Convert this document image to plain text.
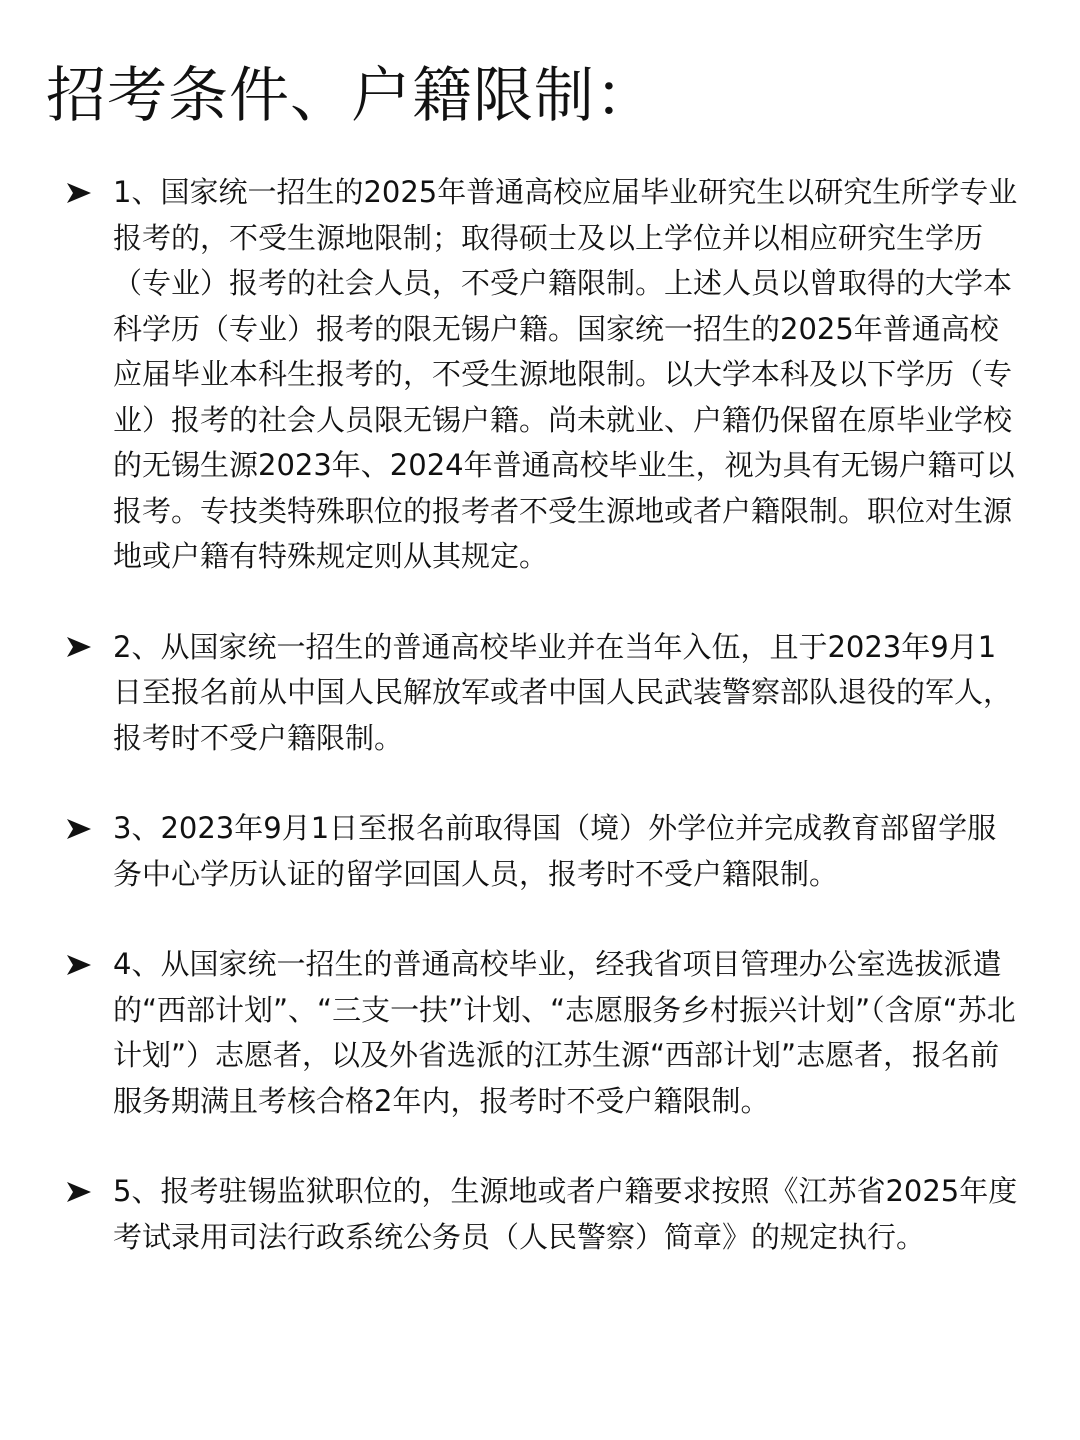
招考条件、户籍限制：
1、国家统一招生的2025年普通高校应届毕业研究生以研究生所学专业报考的，不受生源地限制；取得硕士及以上学位并以相应研究生学历（专业）报考的社会人员，不受户籍限制。上述人员以曾取得的大学本科学历（专业）报考的限无锡户籍。国家统一招生的2025年普通高校应届毕业本科生报考的，不受生源地限制。以大学本科及以下学历（专业）报考的社会人员限无锡户籍。尚未就业、户籍仍保留在原毕业学校的无锡生源2023年、2024年普通高校毕业生，视为具有无锡户籍可以报考。专技类特殊职位的报考者不受生源地或者户籍限制。职位对生源地或户籍有特殊规定则从其规定。
2、从国家统一招生的普通高校毕业并在当年入伍，且于2023年9月1日至报名前从中国人民解放军或者中国人民武装警察部队退役的军人，报考时不受户籍限制。
3、2023年9月1日至报名前取得国（境）外学位并完成教育部留学服务中心学历认证的留学回国人员，报考时不受户籍限制。
4、从国家统一招生的普通高校毕业，经我省项目管理办公室选拔派遣的“西部计划”、“三支一扶”计划、“志愿服务乡村振兴计划”（含原“苏北计划”）志愿者，以及外省选派的江苏生源“西部计划”志愿者，报名前服务期满且考核合格2年内，报考时不受户籍限制。
5、报考驻锡监狱职位的，生源地或者户籍要求按照《江苏省2025年度考试录用司法行政系统公务员（人民警察）简章》的规定执行。
